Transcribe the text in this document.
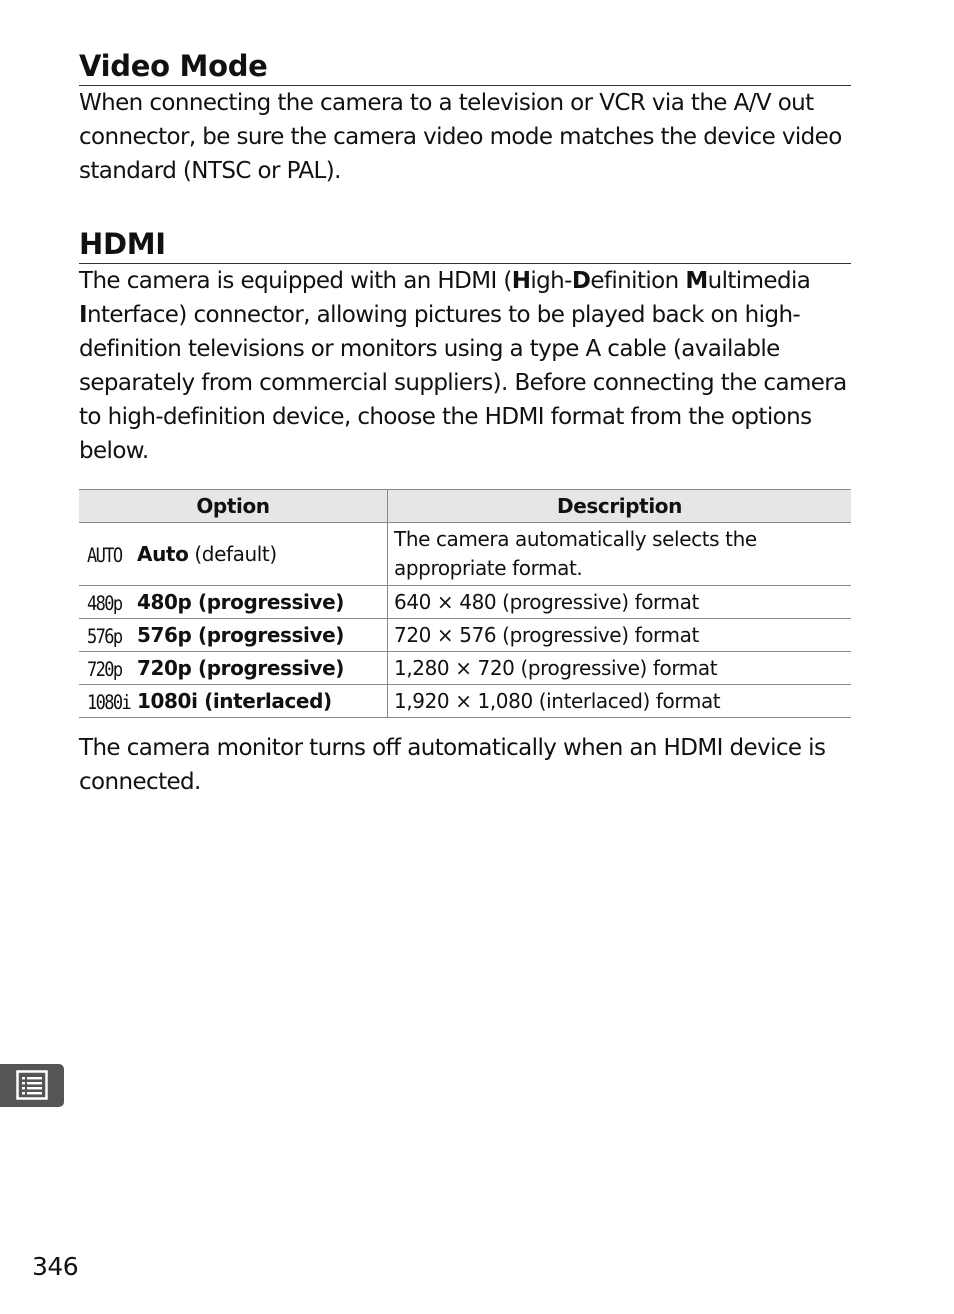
Video Mode

When connecting the camera to a television or VCR via the A/V out connector, be sure the camera video mode matches the device video standard (NTSC or PAL).

HDMI

The camera is equipped with an HDMI (High-Definition Multimedia Interface) connector, allowing pictures to be played back on high-definition televisions or monitors using a type A cable (available separately from commercial suppliers). Before connecting the camera to high-definition device, choose the HDMI format from the options below.

Option	Description
AUTO Auto (default)	The camera automatically selects the appropriate format.

480p 480p (progressive)	640 × 480 (progressive) format
576p 576p (progressive)	720 × 576 (progressive) format
720p 720p (progressive)	1,280 × 720 (progressive) format
1080i 1080i (interlaced)	1,920 × 1,080 (interlaced) format

The camera monitor turns off automatically when an HDMI device is connected.

346
